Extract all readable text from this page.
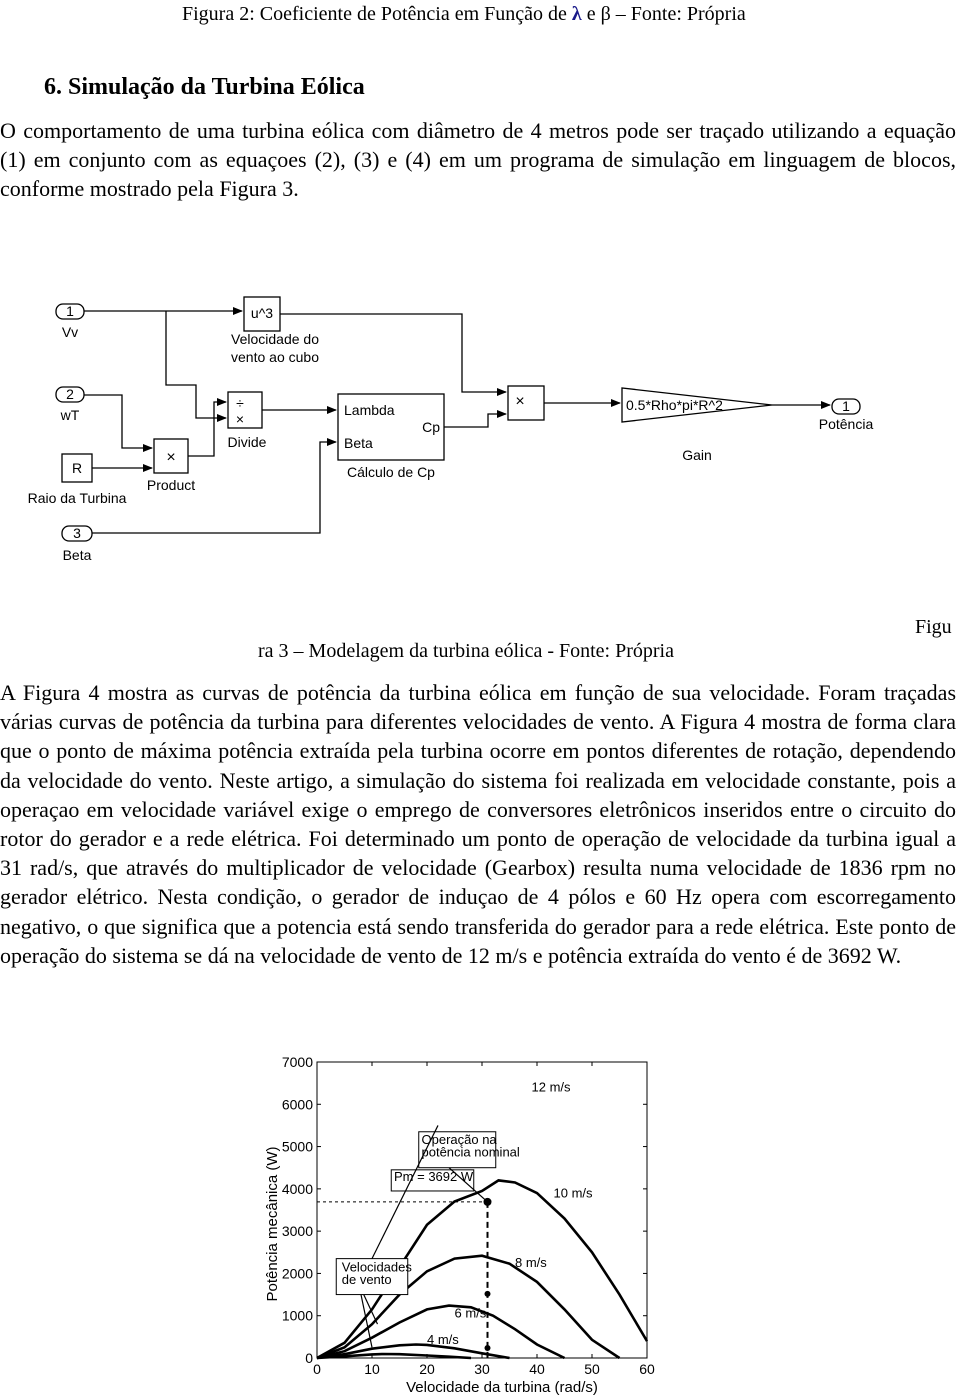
Figura 2: Coeficiente de Potência em Função de λ e β – Fonte: Própria
6. Simulação da Turbina Eólica
O comportamento de uma turbina eólica com diâmetro de 4 metros pode ser traçado utilizando a equação (1) em conjunto com as equaçoes (2), (3) e (4) em um programa de simulação em linguagem de blocos, conforme mostrado pela Figura 3.
1
Vv
2
wT
R
Raio da Turbina
×
Product
u^3
Velocidade do
vento ao cubo
÷
×
Divide
Lambda
Beta
Cp
Cálculo de Cp
×	0.5*Rho*pi*R^2
Gain
1
Potência
3
Beta
Figu
ra 3 – Modelagem da turbina eólica - Fonte: Própria
A Figura 4 mostra as curvas de potência da turbina eólica em função de sua velocidade. Foram traçadas várias curvas de potência da turbina para diferentes velocidades de vento. A Figura 4 mostra de forma clara que o ponto de máxima potência extraída pela turbina ocorre em pontos diferentes de rotação, dependendo da velocidade do vento. Neste artigo, a simulação do sistema foi realizada em velocidade constante, pois a operaçao em velocidade variável exige o emprego de conversores eletrônicos inseridos entre o circuito do rotor do gerador e a rede elétrica. Foi determinado um ponto de operação de velocidade da turbina igual a 31 rad/s, que através do multiplicador de velocidade (Gearbox) resulta numa velocidade de 1836 rpm no gerador elétrico. Nesta condição, o gerador de induçao de 4 pólos e 60 Hz opera com escorregamento negativo, o que significa que a potencia está sendo transferida do gerador para a rede elétrica. Este ponto de operação do sistema se dá na velocidade de vento de 12 m/s e potência extraída do vento é de 3692 W.
0	10	20	30	40	50	60
0
1000
2000
3000
4000
5000
6000
7000
4 m/s
6 m/s
8 m/s
10 m/s
12 m/s
Operação na
potência nominal
Pm = 3692 W
Velocidades
de vento
Velocidade da turbina (rad/s)
Potência mecânica (W)
